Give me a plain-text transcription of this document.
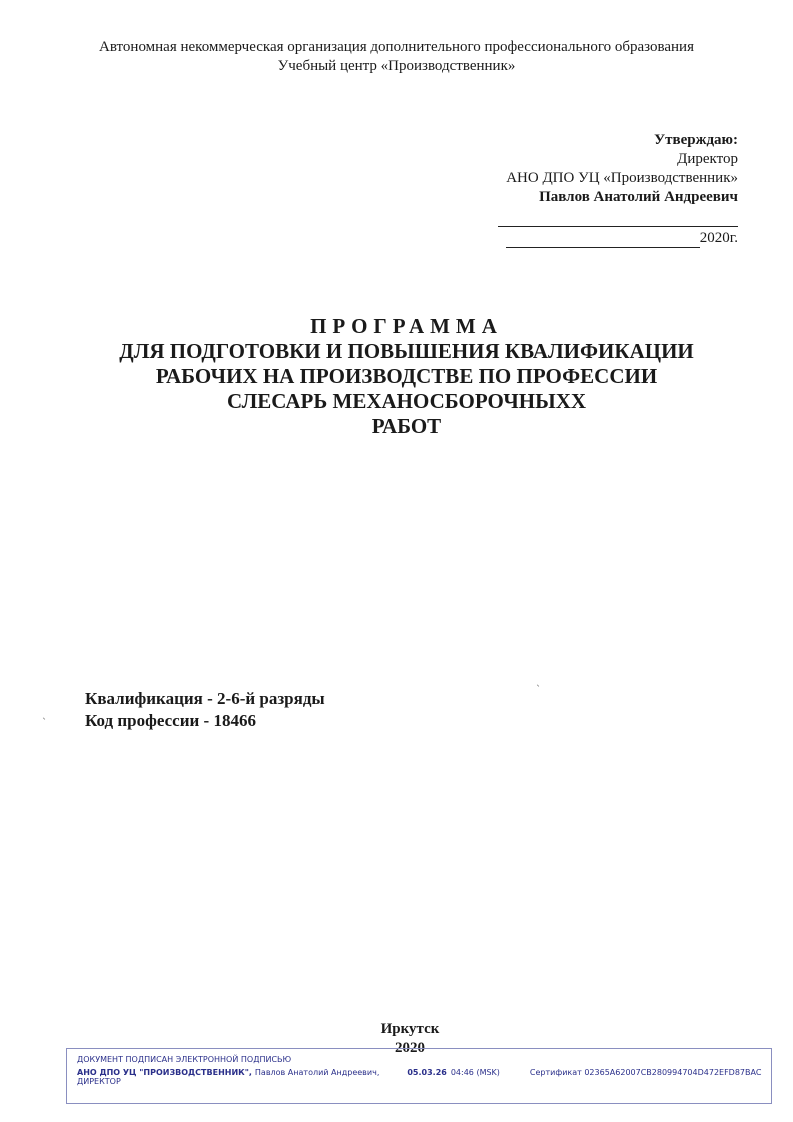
Автономная некоммерческая организация дополнительного профессионального образования
Учебный центр «Производственник»
Утверждаю:
Директор
АНО ДПО УЦ «Производственник»
Павлов Анатолий Андреевич
2020г.
ПРОГРАММА
ДЛЯ ПОДГОТОВКИ И ПОВЫШЕНИЯ КВАЛИФИКАЦИИ
РАБОЧИХ НА ПРОИЗВОДСТВЕ ПО ПРОФЕССИИ
СЛЕСАРЬ МЕХАНОСБОРОЧНЫХХ
РАБОТ
ˎ
ˎ
Квалификация - 2-6-й разряды
Код профессии - 18466
Иркутск
2020
ДОКУМЕНТ ПОДПИСАН ЭЛЕКТРОННОЙ ПОДПИСЬЮ
АНО ДПО УЦ "ПРОИЗВОДСТВЕННИК", Павлов Анатолий Андреевич,	05.03.26 04:46 (MSK)	Сертификат 02365A62007CB280994704D472EFD87BAC
ДИРЕКТОР
